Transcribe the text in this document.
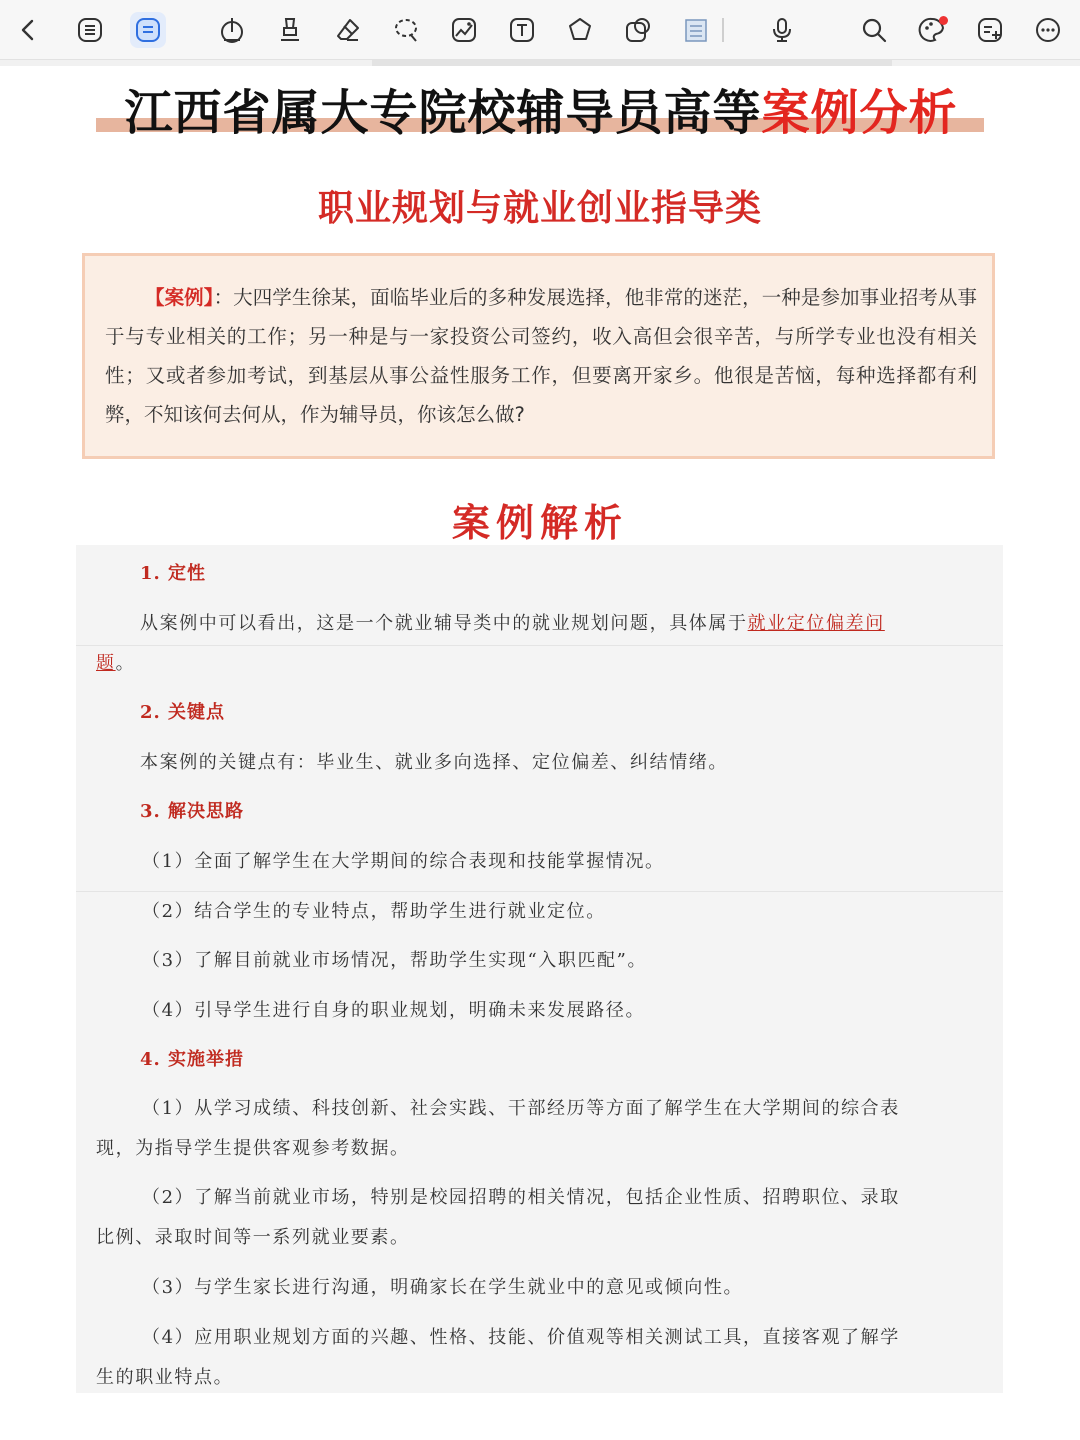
江西省属大专院校辅导员高等案例分析
职业规划与就业创业指导类
【案例】：大四学生徐某，面临毕业后的多种发展选择，他非常的迷茫，一种是参加事业招考从事于与专业相关的工作；另一种是与一家投资公司签约，收入高但会很辛苦，与所学专业也没有相关性；又或者参加考试，到基层从事公益性服务工作，但要离开家乡。他很是苦恼，每种选择都有利弊，不知该何去何从，作为辅导员，你该怎么做?
案例解析
1. 定性
从案例中可以看出，这是一个就业辅导类中的就业规划问题，具体属于就业定位偏差问
题。
2. 关键点
本案例的关键点有：毕业生、就业多向选择、定位偏差、纠结情绪。
3. 解决思路
（1）全面了解学生在大学期间的综合表现和技能掌握情况。
（2）结合学生的专业特点，帮助学生进行就业定位。
（3）了解目前就业市场情况，帮助学生实现“入职匹配”。
（4）引导学生进行自身的职业规划，明确未来发展路径。
4. 实施举措
（1）从学习成绩、科技创新、社会实践、干部经历等方面了解学生在大学期间的综合表
现，为指导学生提供客观参考数据。
（2）了解当前就业市场，特别是校园招聘的相关情况，包括企业性质、招聘职位、录取
比例、录取时间等一系列就业要素。
（3）与学生家长进行沟通，明确家长在学生就业中的意见或倾向性。
（4）应用职业规划方面的兴趣、性格、技能、价值观等相关测试工具，直接客观了解学
生的职业特点。
